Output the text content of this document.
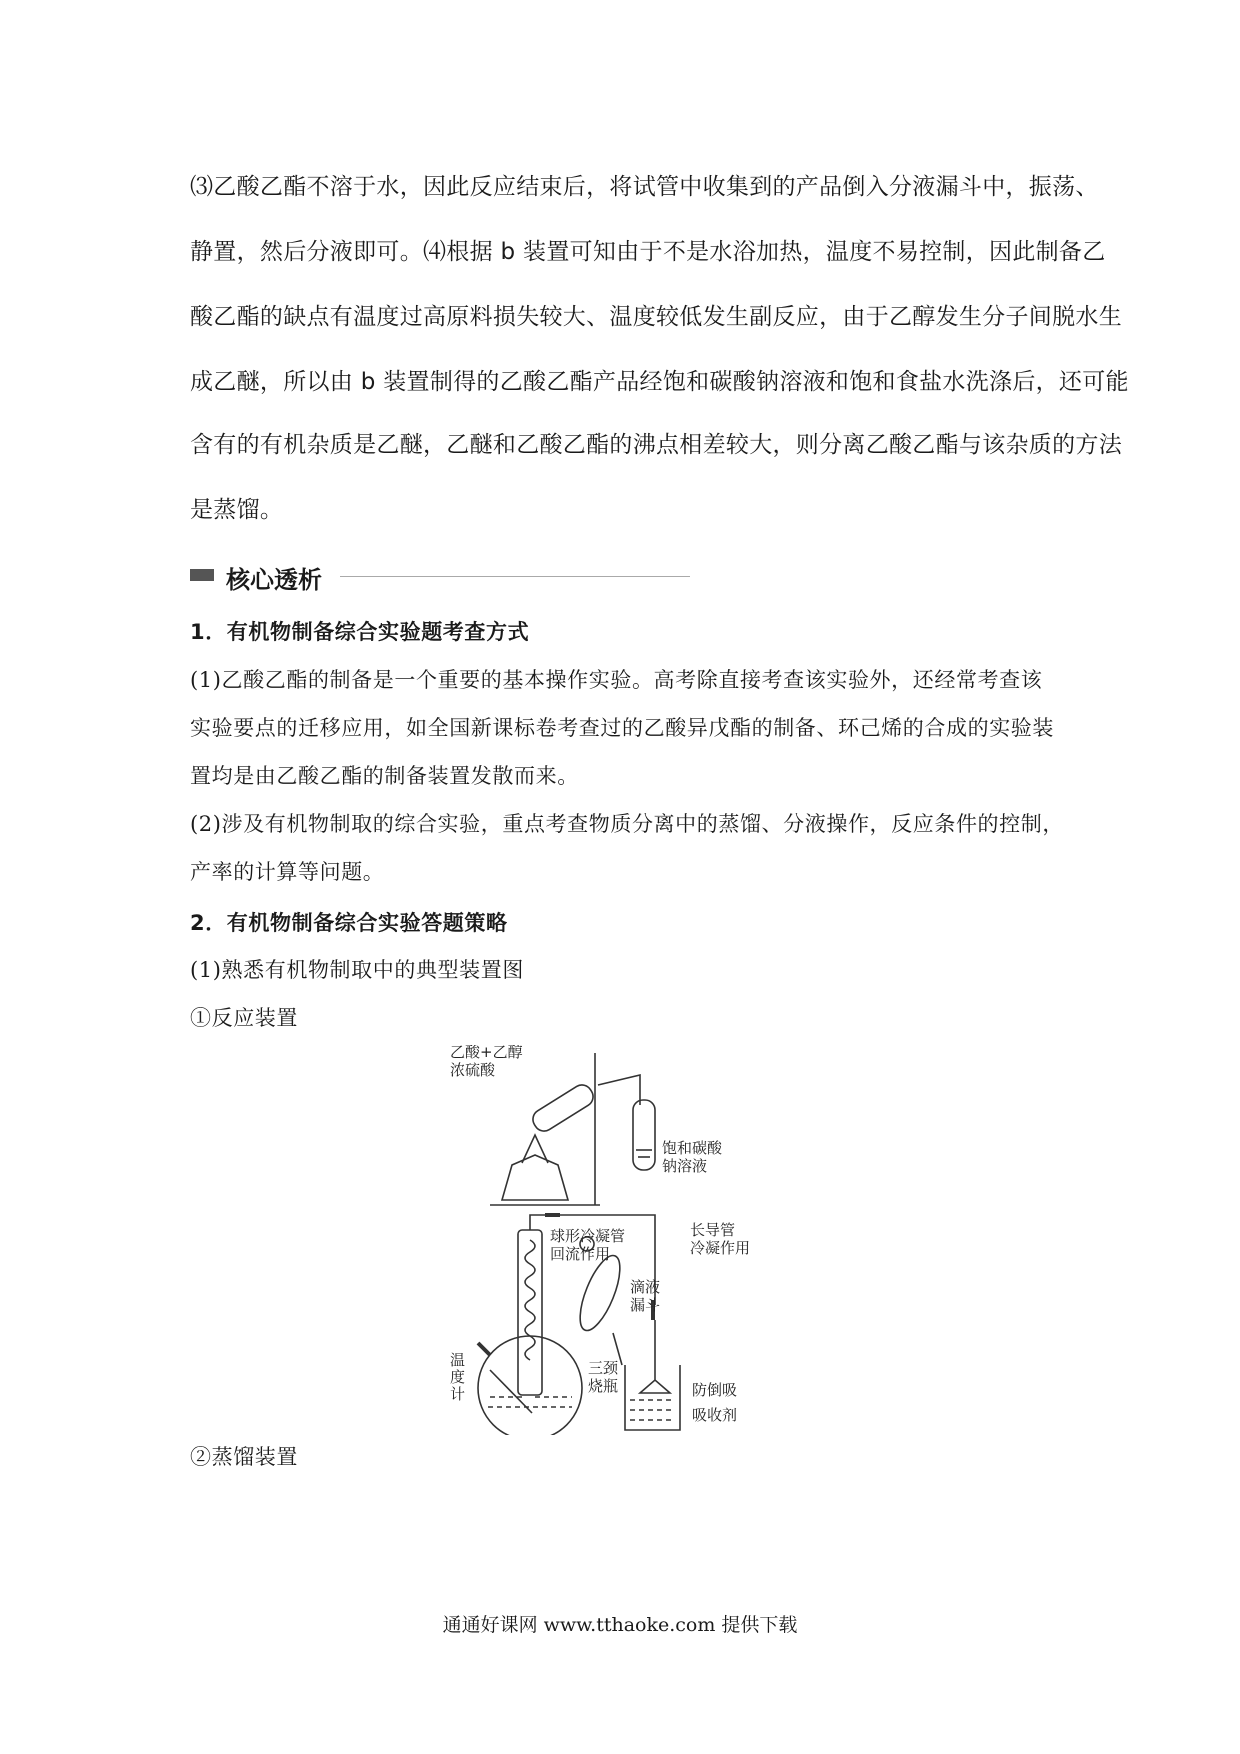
⑶乙酸乙酯不溶于水，因此反应结束后，将试管中收集到的产品倒入分液漏斗中，振荡、

静置，然后分液即可。⑷根据 b 装置可知由于不是水浴加热，温度不易控制，因此制备乙

酸乙酯的缺点有温度过高原料损失较大、温度较低发生副反应，由于乙醇发生分子间脱水生

成乙醚，所以由 b 装置制得的乙酸乙酯产品经饱和碳酸钠溶液和饱和食盐水洗涤后，还可能

含有的有机杂质是乙醚，乙醚和乙酸乙酯的沸点相差较大，则分离乙酸乙酯与该杂质的方法

是蒸馏。

核心透析
1．有机物制备综合实验题考查方式
(1)乙酸乙酯的制备是一个重要的基本操作实验。高考除直接考查该实验外，还经常考查该
实验要点的迁移应用，如全国新课标卷考查过的乙酸异戊酯的制备、环己烯的合成的实验装
置均是由乙酸乙酯的制备装置发散而来。
(2)涉及有机物制取的综合实验，重点考查物质分离中的蒸馏、分液操作，反应条件的控制，
产率的计算等问题。
2．有机物制备综合实验答题策略
(1)熟悉有机物制取中的典型装置图
①反应装置
乙酸+乙醇
浓硫酸
饱和碳酸
钠溶液
球形冷凝管
回流作用
长导管
冷凝作用
滴液
漏斗
温
度
计
三颈
烧瓶	防倒吸
吸收剂
②蒸馏装置
通通好课网 www.tthaoke.com 提供下载
